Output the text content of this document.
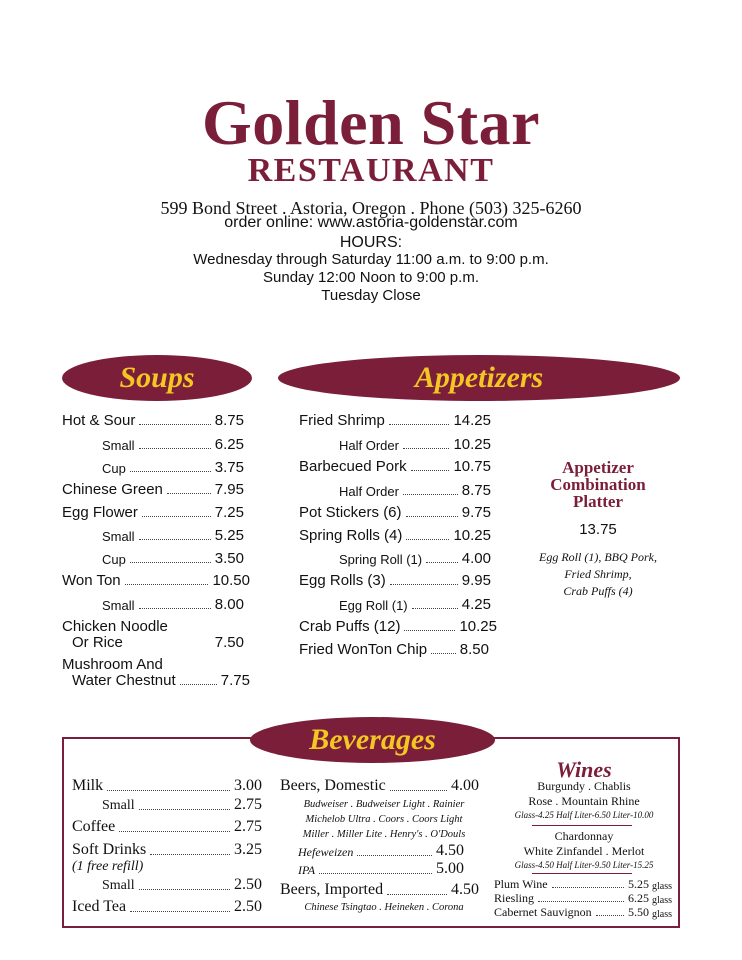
Golden Star
RESTAURANT
599 Bond Street . Astoria, Oregon . Phone (503) 325-6260
order online: www.astoria-goldenstar.com
HOURS:
Wednesday through Saturday 11:00 a.m. to 9:00 p.m.
Sunday 12:00 Noon to 9:00 p.m.
Tuesday Close
Soups
Hot & Sour	8.75
Small	6.25
Cup	3.75
Chinese Green	7.95
Egg Flower	7.25
Small	5.25
Cup	3.50
Won Ton	10.50
Small	8.00
Chicken Noodle
Or Rice	7.50
Mushroom And
Water Chestnut	7.75
Appetizers
Fried Shrimp	14.25
Half Order	10.25
Barbecued Pork	10.75
Half Order	8.75
Pot Stickers (6)	9.75
Spring Rolls (4)	10.25
Spring Roll (1)	4.00
Egg Rolls (3)	9.95
Egg Roll (1)	4.25
Crab Puffs (12)	10.25
Fried WonTon Chip 8.50
Appetizer
Combination
Platter
13.75
Egg Roll (1), BBQ Pork,
Fried Shrimp,
Crab Puffs (4)
Beverages
Milk	3.00
Small	2.75
Coffee	2.75
Soft Drinks	3.25
(1 free refill)
Small	2.50
Iced Tea	2.50
Beers, Domestic	4.00
Budweiser . Budweiser Light . Rainier
Michelob Ultra . Coors . Coors Light
Miller . Miller Lite . Henry's . O'Douls
Hefeweizen	4.50
IPA	5.00
Beers, Imported	4.50
Chinese Tsingtao . Heineken . Corona
Wines
Burgundy . Chablis
Rose . Mountain Rhine
Glass-4.25 Half Liter-6.50 Liter-10.00
Chardonnay
White Zinfandel . Merlot
Glass-4.50 Half Liter-9.50 Liter-15.25
Plum Wine	5.25 glass
Riesling	6.25 glass
Cabernet Sauvignon	5.50 glass
